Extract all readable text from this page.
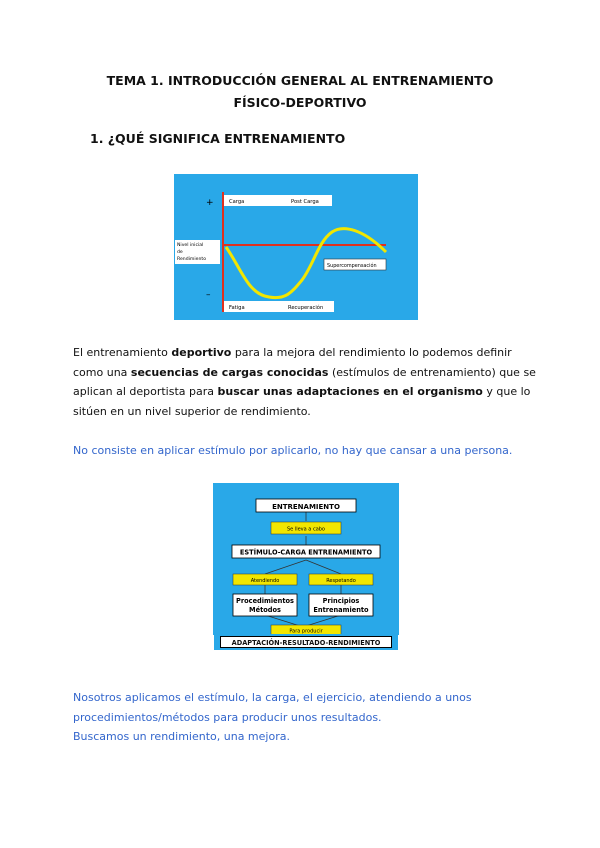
TEMA 1. INTRODUCCIÓN GENERAL AL ENTRENAMIENTO
FÍSICO-DEPORTIVO
1. ¿QUÉ SIGNIFICA ENTRENAMIENTO
+
–
Nivel inicial
de
Rendimiento
Carga	Post Carga
Fatiga	Recuperación
Supercompensación
El entrenamiento deportivo para la mejora del rendimiento lo podemos definir
como una secuencias de cargas conocidas (estímulos de entrenamiento) que se
aplican al deportista para buscar unas adaptaciones en el organismo y que lo
sitúen en un nivel superior de rendimiento.
No consiste en aplicar estímulo por aplicarlo, no hay que cansar a una persona.
ENTRENAMIENTO
Se lleva a cabo
ESTÍMULO-CARGA ENTRENAMIENTO
Atendiendo	Respetando
Procedimientos
Métodos
Principios
Entrenamiento
Para producir
ADAPTACIÓN-RESULTADO-RENDIMIENTO
Nosotros aplicamos el estímulo, la carga, el ejercicio, atendiendo a unos
procedimientos/métodos para producir unos resultados.
Buscamos un rendimiento, una mejora.
